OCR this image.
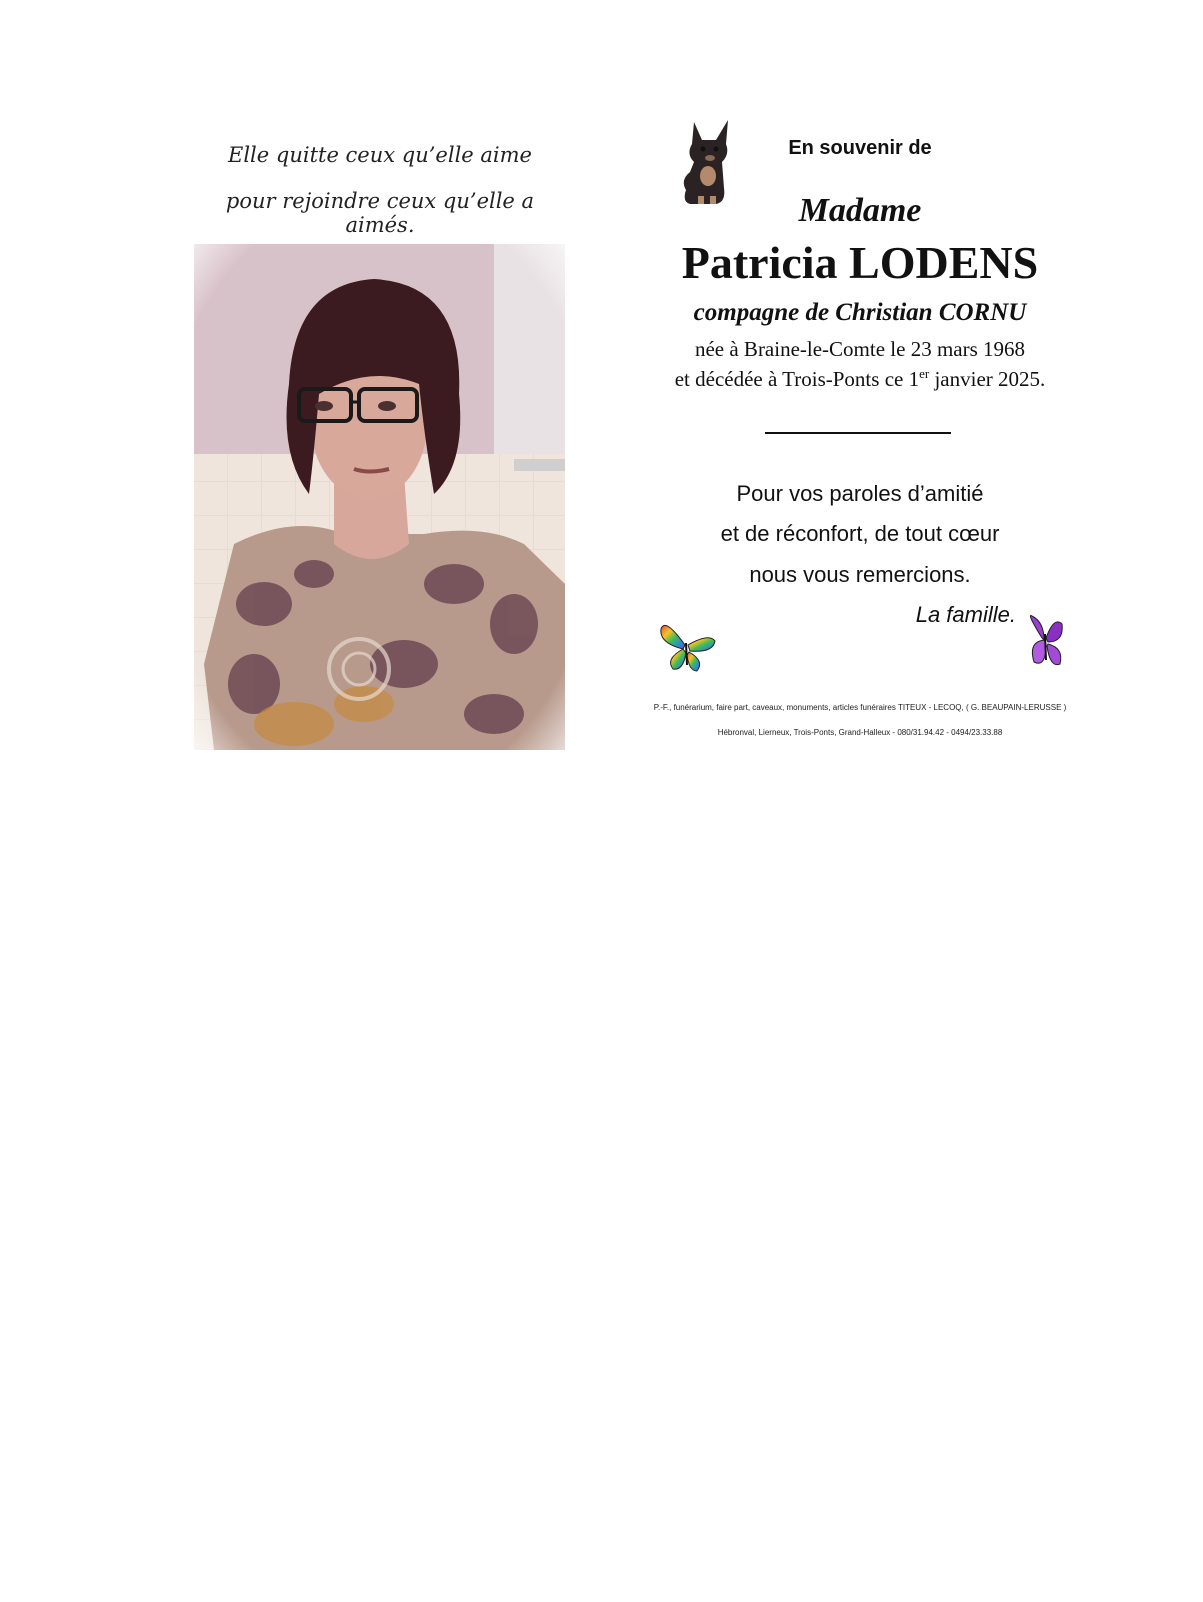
Elle quitte ceux qu’elle aime
pour rejoindre ceux qu’elle a aimés.
En souvenir de
Madame
Patricia LODENS
compagne de Christian CORNU
née à Braine-le-Comte le 23 mars 1968
et décédée à Trois-Ponts ce 1er janvier 2025.
Pour vos paroles d’amitié
et de réconfort, de tout cœur
nous vous remercions.
La famille.
P.-F., funérarium, faire part, caveaux, monuments, articles funéraires TITEUX - LECOQ, ( G. BEAUPAIN-LERUSSE )
Hébronval, Lierneux, Trois-Ponts, Grand-Halleux - 080/31.94.42 - 0494/23.33.88
